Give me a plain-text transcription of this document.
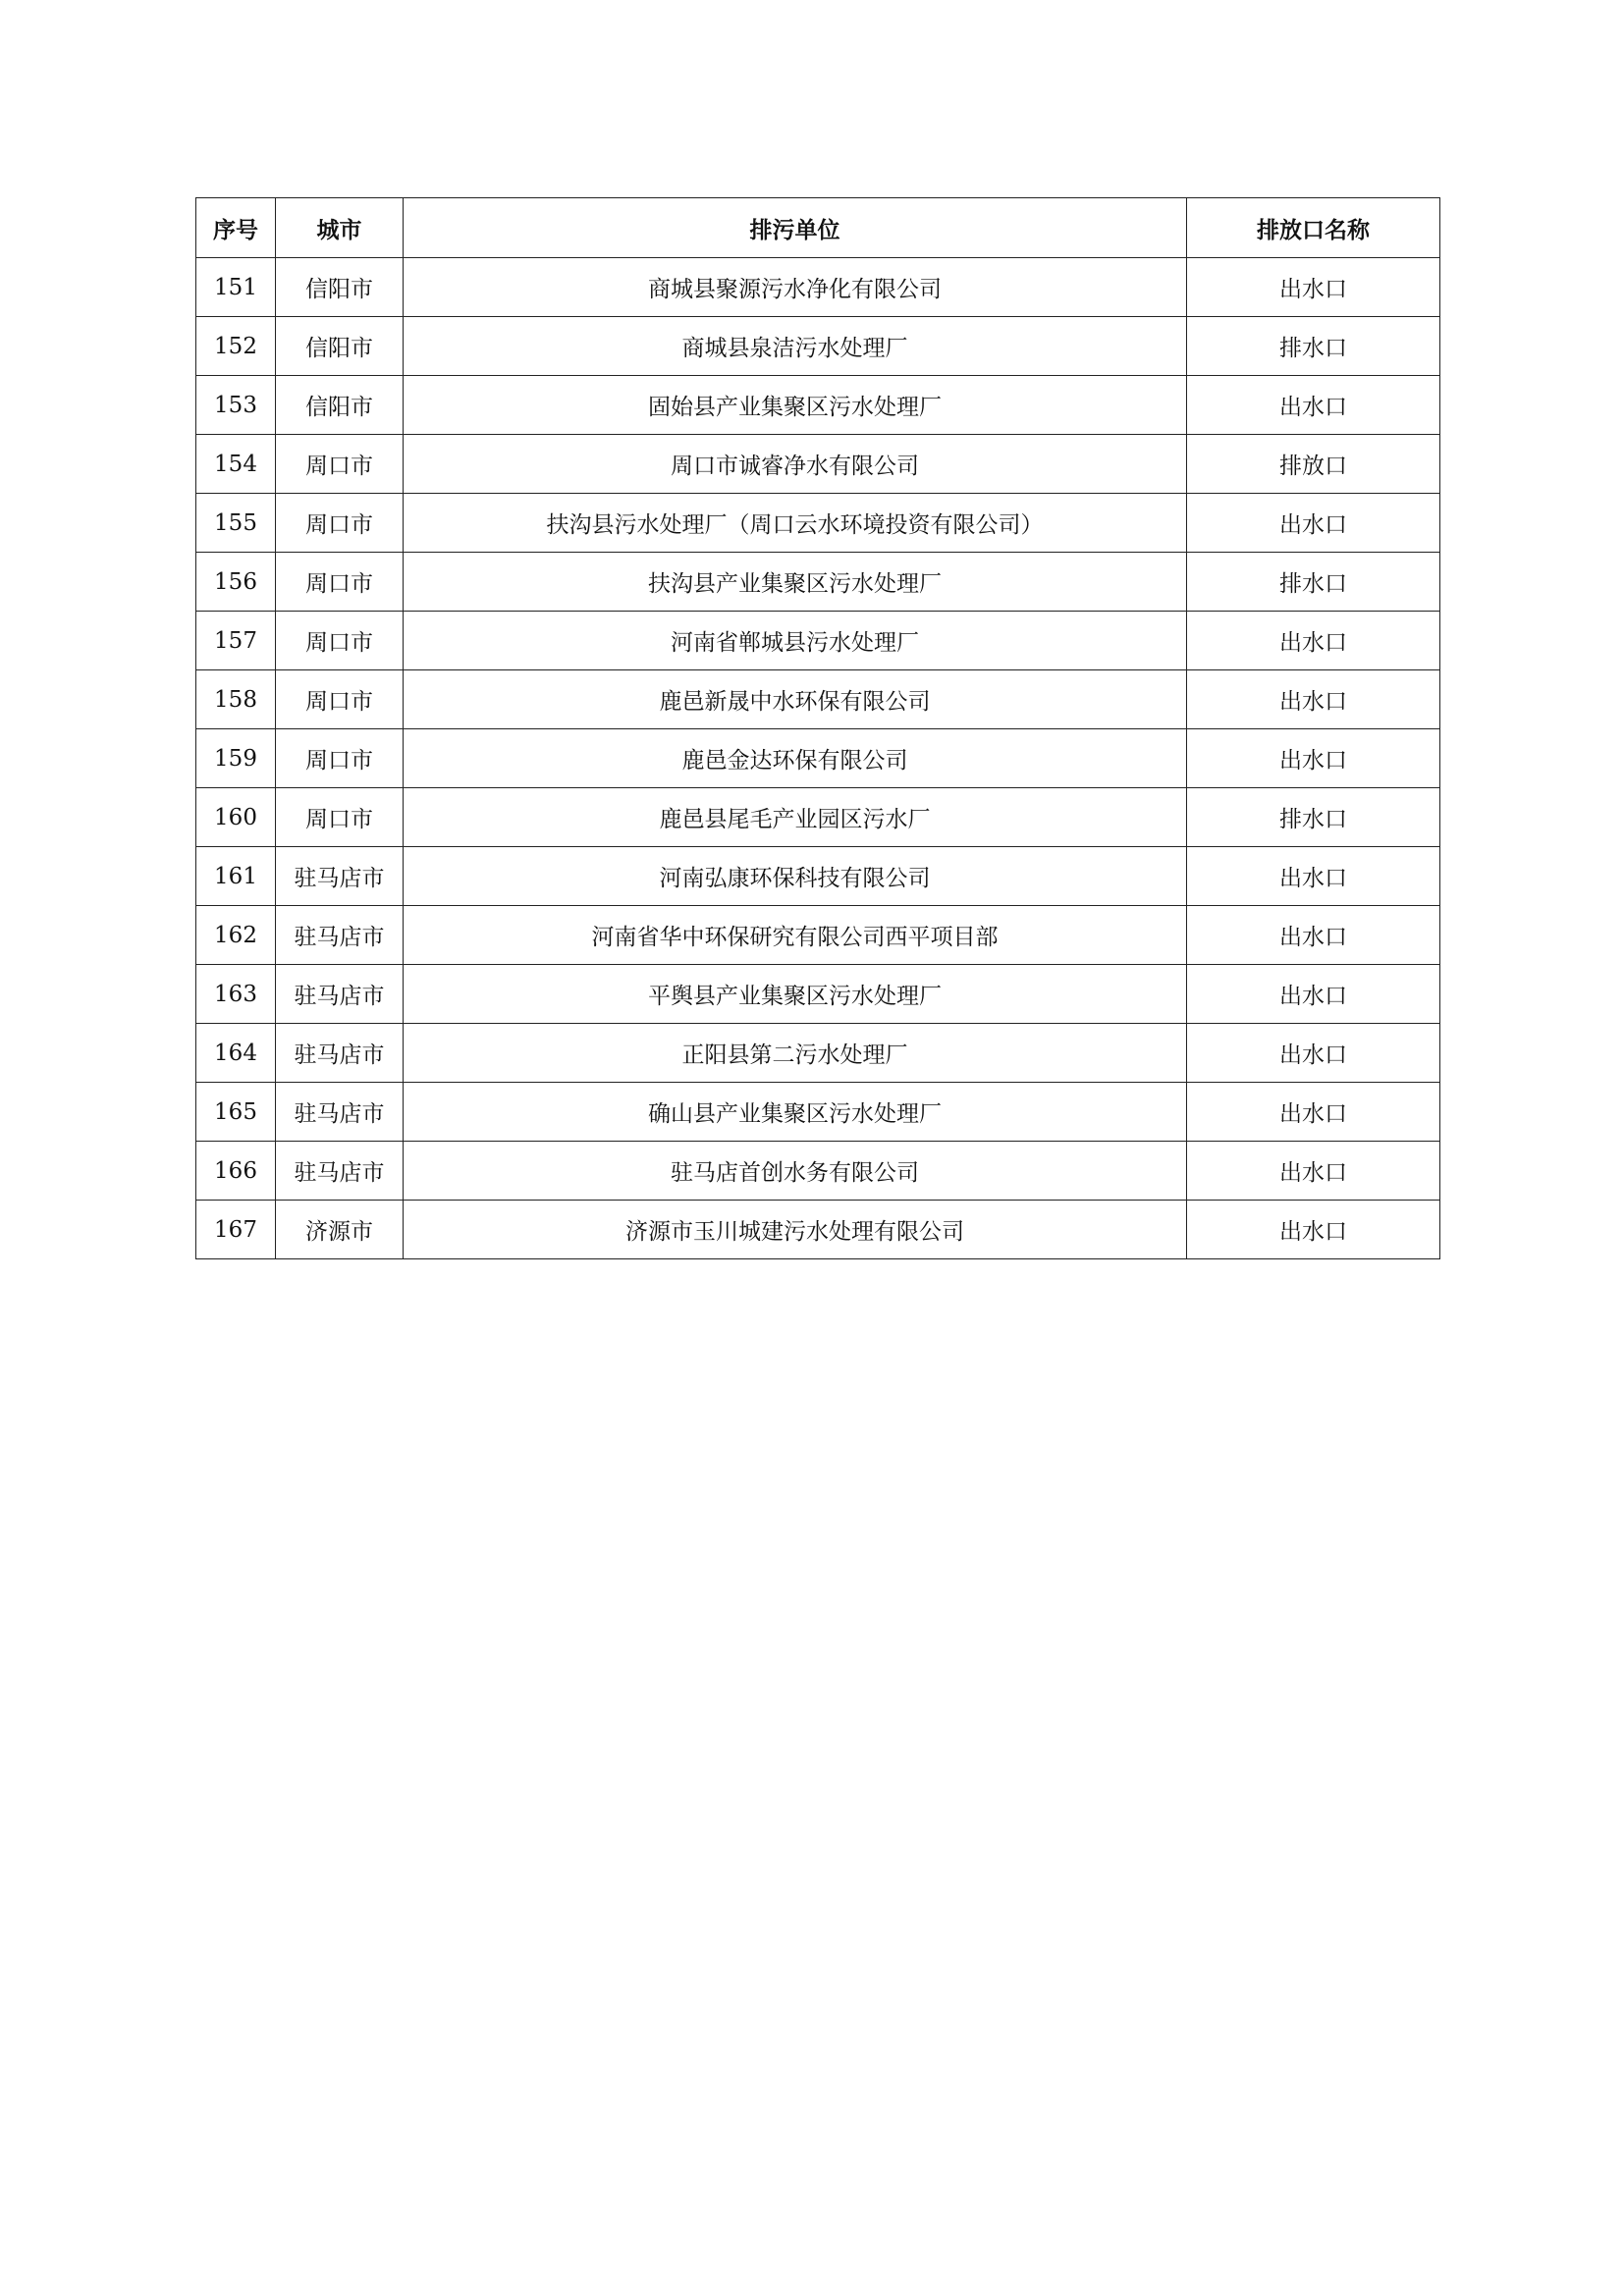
序号	城市	排污单位	排放口名称
151	信阳市	商城县聚源污水净化有限公司	出水口
152	信阳市	商城县泉洁污水处理厂	排水口
153	信阳市	固始县产业集聚区污水处理厂	出水口
154	周口市	周口市诚睿净水有限公司	排放口
155	周口市	扶沟县污水处理厂（周口云水环境投资有限公司）	出水口
156	周口市	扶沟县产业集聚区污水处理厂	排水口
157	周口市	河南省郸城县污水处理厂	出水口
158	周口市	鹿邑新晟中水环保有限公司	出水口
159	周口市	鹿邑金达环保有限公司	出水口
160	周口市	鹿邑县尾毛产业园区污水厂	排水口
161	驻马店市	河南弘康环保科技有限公司	出水口
162	驻马店市	河南省华中环保研究有限公司西平项目部	出水口
163	驻马店市	平舆县产业集聚区污水处理厂	出水口
164	驻马店市	正阳县第二污水处理厂	出水口
165	驻马店市	确山县产业集聚区污水处理厂	出水口
166	驻马店市	驻马店首创水务有限公司	出水口
167	济源市	济源市玉川城建污水处理有限公司	出水口
